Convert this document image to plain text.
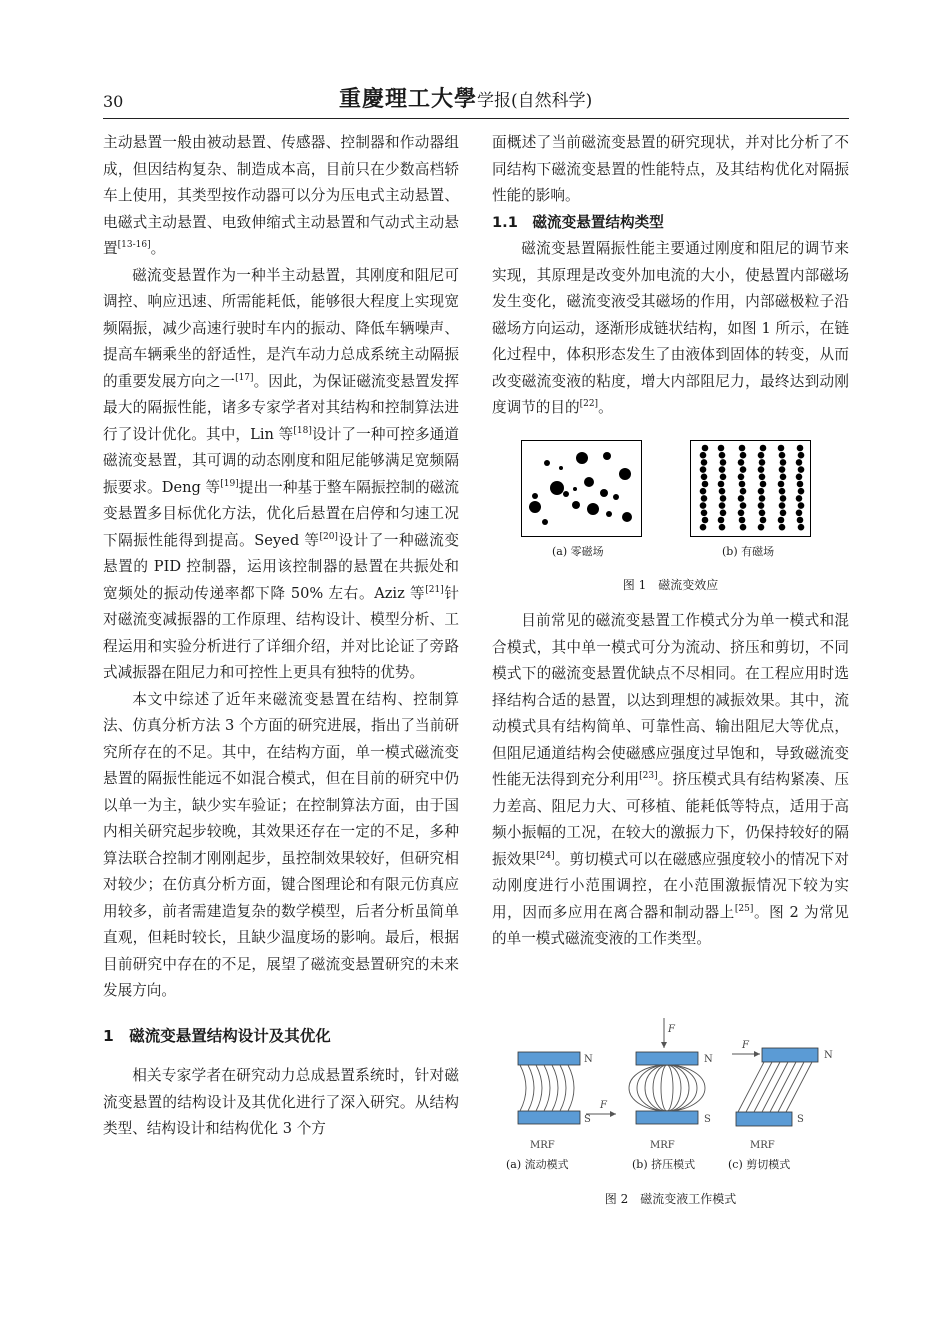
30	重慶理工大學学报(自然科学)

主动悬置一般由被动悬置、传感器、控制器和作动器组成，但因结构复杂、制造成本高，目前只在少数高档轿车上使用，其类型按作动器可以分为压电式主动悬置、电磁式主动悬置、电致伸缩式主动悬置和气动式主动悬置[13-16]。

磁流变悬置作为一种半主动悬置，其刚度和阻尼可调控、响应迅速、所需能耗低，能够很大程度上实现宽频隔振，减少高速行驶时车内的振动、降低车辆噪声、提高车辆乘坐的舒适性，是汽车动力总成系统主动隔振的重要发展方向之一[17]。因此，为保证磁流变悬置发挥最大的隔振性能，诸多专家学者对其结构和控制算法进行了设计优化。其中，Lin 等[18]设计了一种可控多通道磁流变悬置，其可调的动态刚度和阻尼能够满足宽频隔振要求。Deng 等[19]提出一种基于整车隔振控制的磁流变悬置多目标优化方法，优化后悬置在启停和匀速工况下隔振性能得到提高。Seyed 等[20]设计了一种磁流变悬置的 PID 控制器，运用该控制器的悬置在共振处和宽频处的振动传递率都下降 50% 左右。Aziz 等[21]针对磁流变减振器的工作原理、结构设计、模型分析、工程运用和实验分析进行了详细介绍，并对比论证了旁路式减振器在阻尼力和可控性上更具有独特的优势。

本文中综述了近年来磁流变悬置在结构、控制算法、仿真分析方法 3 个方面的研究进展，指出了当前研究所存在的不足。其中，在结构方面，单一模式磁流变悬置的隔振性能远不如混合模式，但在目前的研究中仍以单一为主，缺少实车验证；在控制算法方面，由于国内相关研究起步较晚，其效果还存在一定的不足，多种算法联合控制才刚刚起步，虽控制效果较好，但研究相对较少；在仿真分析方面，键合图理论和有限元仿真应用较多，前者需建造复杂的数学模型，后者分析虽简单直观，但耗时较长，且缺少温度场的影响。最后，根据目前研究中存在的不足，展望了磁流变悬置研究的未来发展方向。

1　磁流变悬置结构设计及其优化

相关专家学者在研究动力总成悬置系统时，针对磁流变悬置的结构设计及其优化进行了深入研究。从结构类型、结构设计和结构优化 3 个方

面概述了当前磁流变悬置的研究现状，并对比分析了不同结构下磁流变悬置的性能特点，及其结构优化对隔振性能的影响。

1.1　磁流变悬置结构类型

磁流变悬置隔振性能主要通过刚度和阻尼的调节来实现，其原理是改变外加电流的大小，使悬置内部磁场发生变化，磁流变液受其磁场的作用，内部磁极粒子沿磁场方向运动，逐渐形成链状结构，如图 1 所示，在链化过程中，体积形态发生了由液体到固体的转变，从而改变磁流变液的粘度，增大内部阻尼力，最终达到动刚度调节的目的[22]。

(a) 零磁场	(b) 有磁场
图 1　磁流变效应

目前常见的磁流变悬置工作模式分为单一模式和混合模式，其中单一模式可分为流动、挤压和剪切，不同模式下的磁流变悬置优缺点不尽相同。在工程应用时选择结构合适的悬置，以达到理想的减振效果。其中，流动模式具有结构简单、可靠性高、输出阻尼大等优点，但阻尼通道结构会使磁感应强度过早饱和，导致磁流变性能无法得到充分利用[23]。挤压模式具有结构紧凑、压力差高、阻尼力大、可移植、能耗低等特点，适用于高频小振幅的工况，在较大的激振力下，仍保持较好的隔振效果[24]。剪切模式可以在磁感应强度较小的情况下对动刚度进行小范围调控，在小范围激振情况下较为实用，因而多应用在离合器和制动器上[25]。图 2 为常见的单一模式磁流变液的工作类型。

F
N
S
MRF
F
N
S
MRF
F
N
S
MRF
(a) 流动模式	(b) 挤压模式	(c) 剪切模式
图 2　磁流变液工作模式
